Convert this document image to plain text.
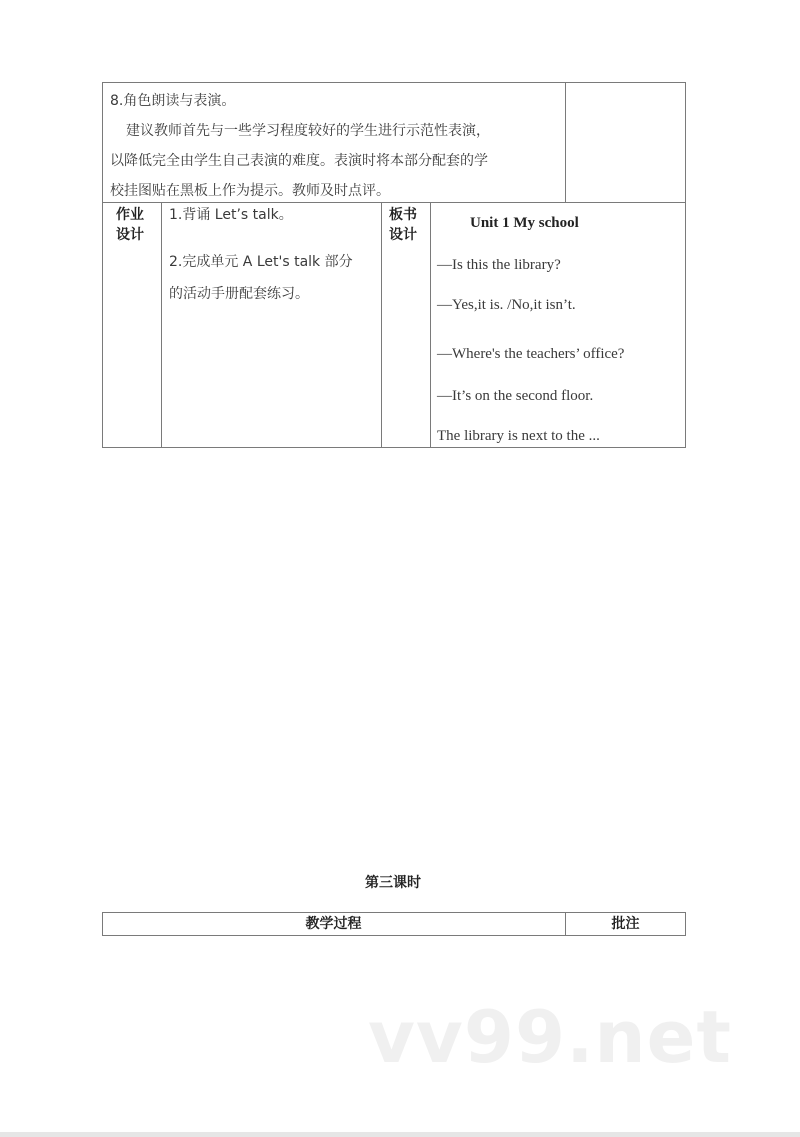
8.角色朗读与表演。
建议教师首先与一些学习程度较好的学生进行示范性表演，
以降低完全由学生自己表演的难度。表演时将本部分配套的学
校挂图贴在黑板上作为提示。教师及时点评。
作业
设计
1.背诵 Let’s talk。
2.完成单元 A Let's talk 部分
的活动手册配套练习。
板书
设计
Unit 1 My school
—Is this the library?
—Yes,it is. /No,it isn’t.
—Where's the teachers’ office?
—It’s on the second floor.
The library is next to the ...
第三课时
教学过程	批注
vv99.net
